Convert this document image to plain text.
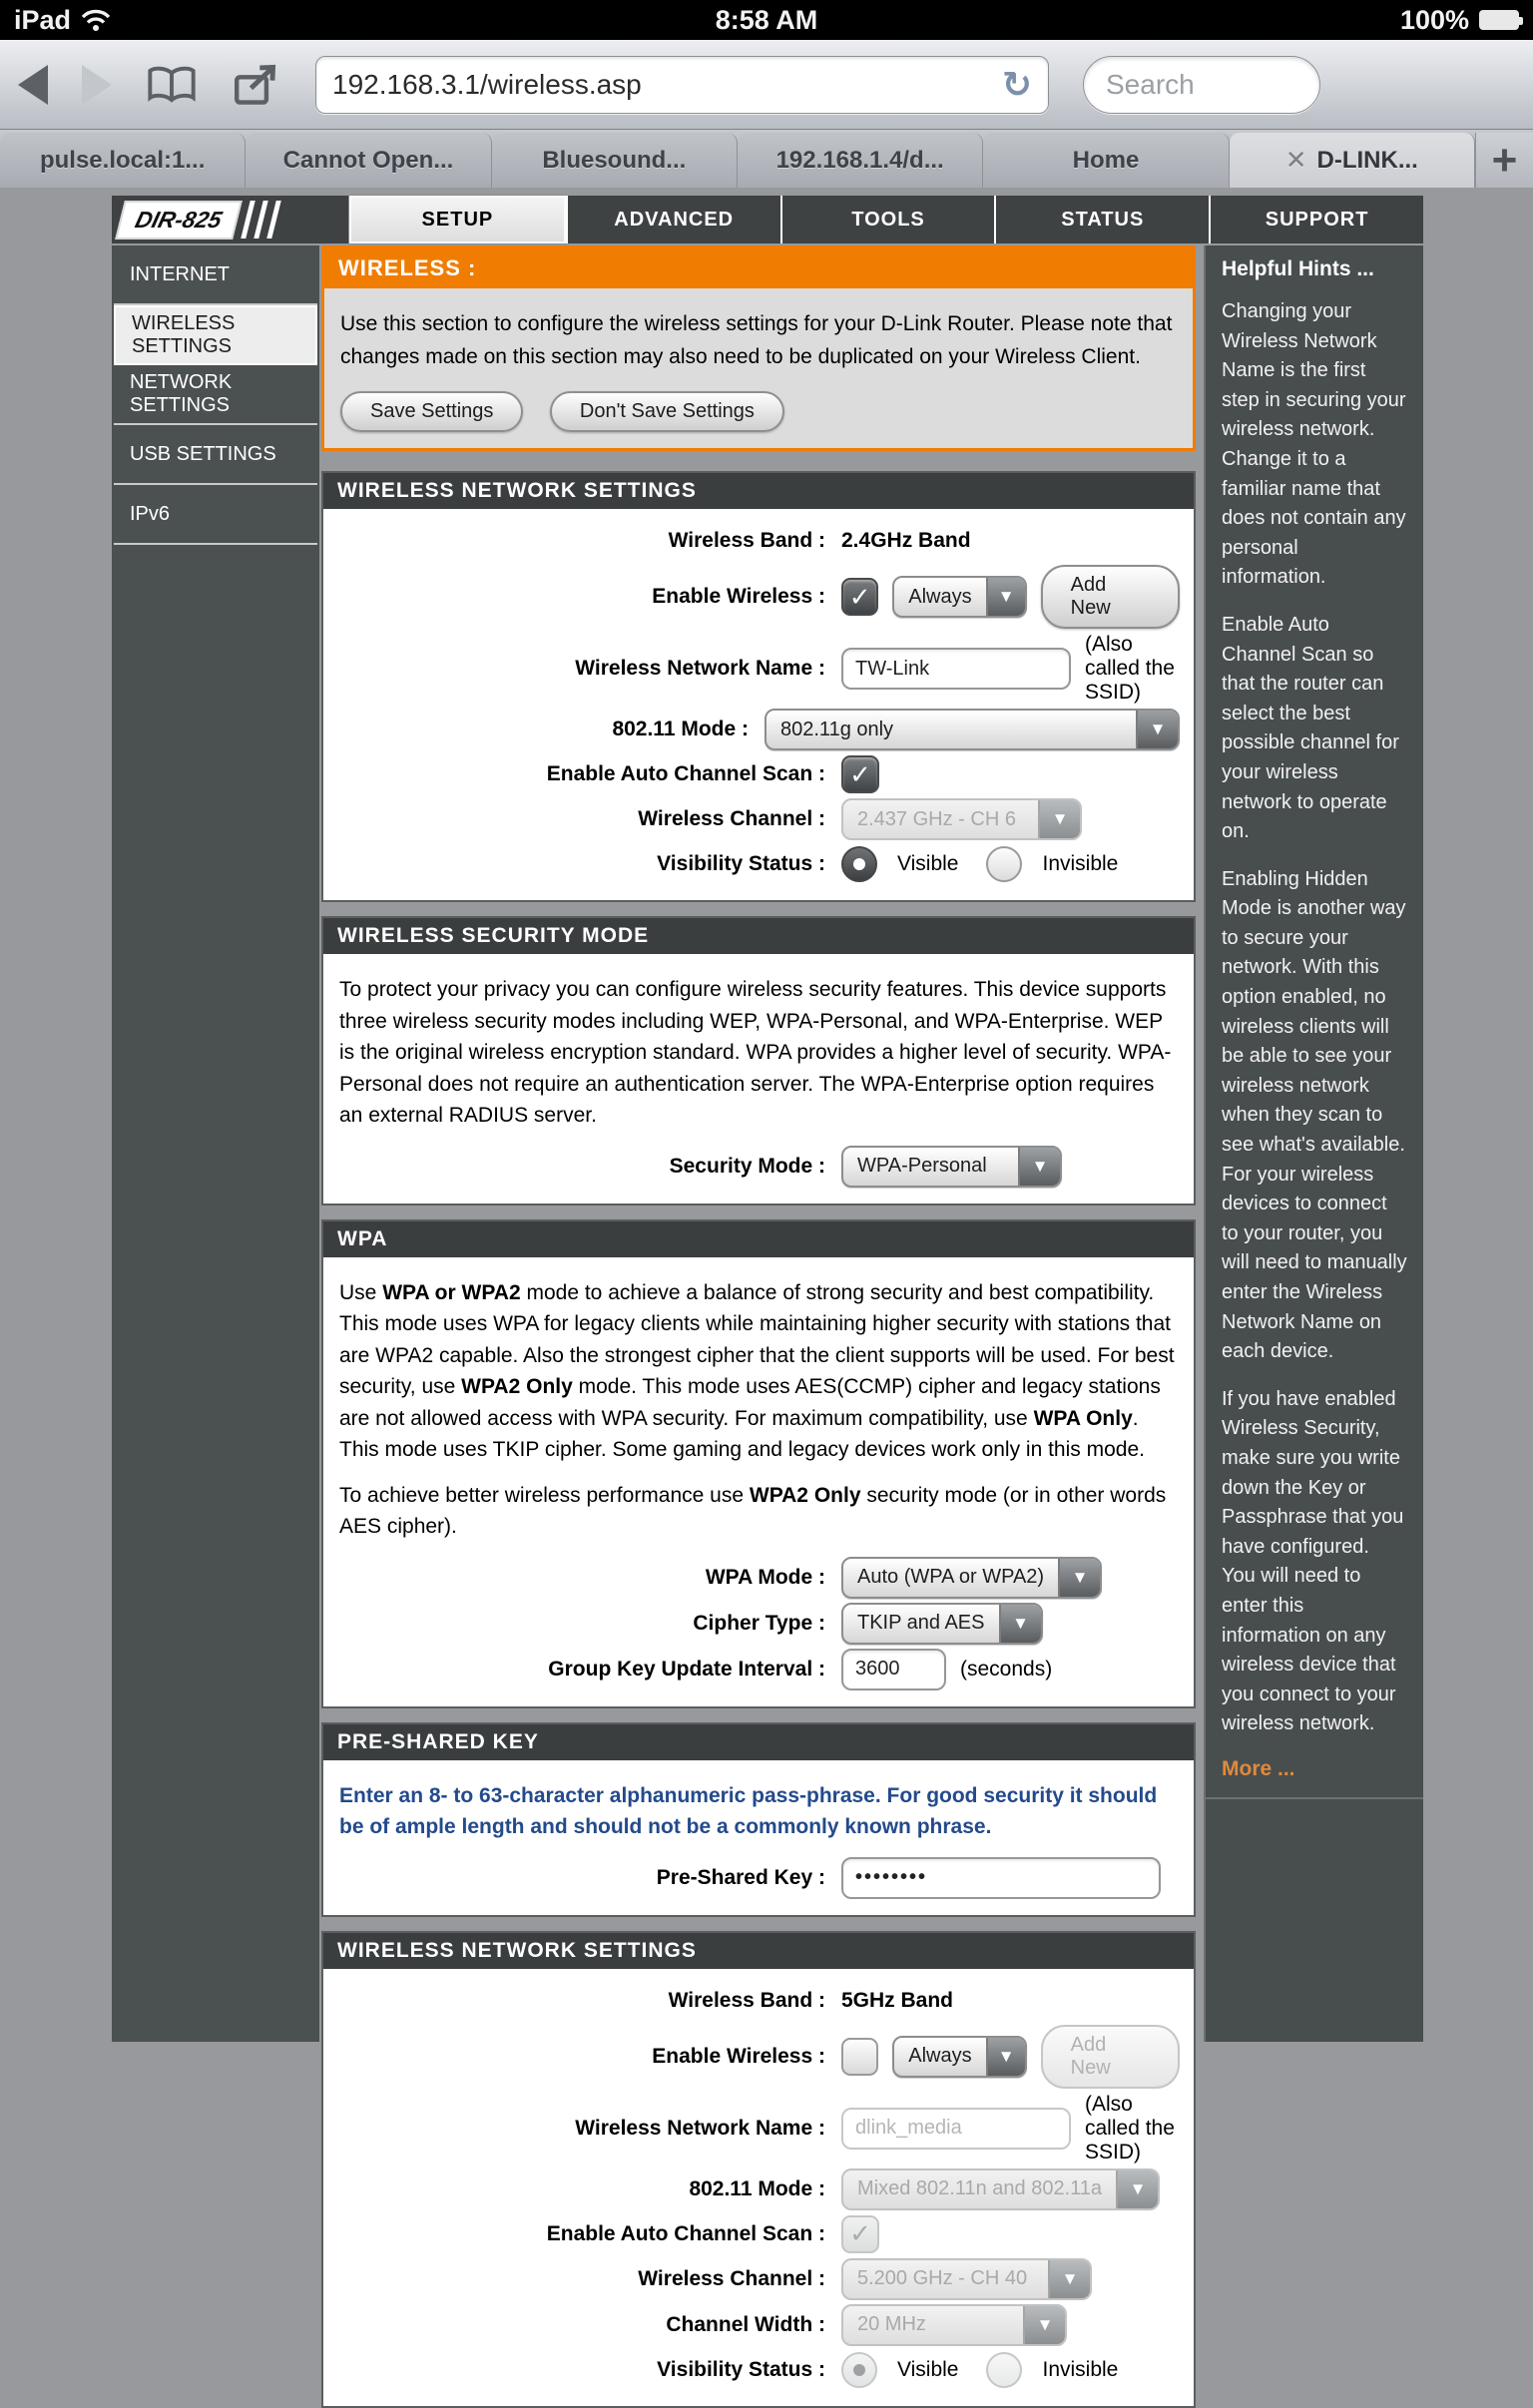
iPad	8:58 AM	100%
192.168.3.1/wireless.asp	↻	Search
pulse.local:1...	Cannot Open...	Bluesound...	192.168.1.4/d...	Home	✕ D-LINK...	+
DIR-825	SETUP	ADVANCED	TOOLS	STATUS	SUPPORT
INTERNET
WIRELESS SETTINGS
NETWORK SETTINGS
USB SETTINGS
IPv6
WIRELESS :

Use this section to configure the wireless settings for your D-Link Router. Please note that changes made on this section may also need to be duplicated on your Wireless Client.

Save Settings	Don't Save Settings
WIRELESS NETWORK SETTINGS
Wireless Band : 2.4GHz Band
Enable Wireless : ✓	Always	▼
Add New
Wireless Network Name :
TW-Link
(Also called the SSID)
802.11 Mode :	802.11g only	▼
Enable Auto Channel Scan : ✓
Wireless Channel :	2.437 GHz - CH 6	▼
Visibility Status :	Visible	Invisible
WIRELESS SECURITY MODE

To protect your privacy you can configure wireless security features. This device supports three wireless security modes including WEP, WPA-Personal, and WPA-Enterprise. WEP is the original wireless encryption standard. WPA provides a higher level of security. WPA-Personal does not require an authentication server. The WPA-Enterprise option requires an external RADIUS server.

Security Mode :	WPA-Personal	▼
WPA

Use WPA or WPA2 mode to achieve a balance of strong security and best compatibility. This mode uses WPA for legacy clients while maintaining higher security with stations that are WPA2 capable. Also the strongest cipher that the client supports will be used. For best security, use WPA2 Only mode. This mode uses AES(CCMP) cipher and legacy stations are not allowed access with WPA security. For maximum compatibility, use WPA Only. This mode uses TKIP cipher. Some gaming and legacy devices work only in this mode.

To achieve better wireless performance use WPA2 Only security mode (or in other words AES cipher).

WPA Mode :	Auto (WPA or WPA2)	▼
Cipher Type :	TKIP and AES	▼
Group Key Update Interval :
3600	(seconds)
PRE-SHARED KEY

Enter an 8- to 63-character alphanumeric pass-phrase. For good security it should be of ample length and should not be a commonly known phrase.

Pre-Shared Key :
••••••••
WIRELESS NETWORK SETTINGS
Wireless Band : 5GHz Band
Enable Wireless :	Always	▼
Add New
Wireless Network Name :
dlink_media
(Also called the SSID)
802.11 Mode :	Mixed 802.11n and 802.11a	▼
Enable Auto Channel Scan : ✓
Wireless Channel :	5.200 GHz - CH 40	▼
Channel Width :	20 MHz	▼
Visibility Status :	Visible	Invisible
Helpful Hints ...

Changing your Wireless Network Name is the first step in securing your wireless network. Change it to a familiar name that does not contain any personal information.

Enable Auto Channel Scan so that the router can select the best possible channel for your wireless network to operate on.

Enabling Hidden Mode is another way to secure your network. With this option enabled, no wireless clients will be able to see your wireless network when they scan to see what's available. For your wireless devices to connect to your router, you will need to manually enter the Wireless Network Name on each device.

If you have enabled Wireless Security, make sure you write down the Key or Passphrase that you have configured. You will need to enter this information on any wireless device that you connect to your wireless network.

More ...
